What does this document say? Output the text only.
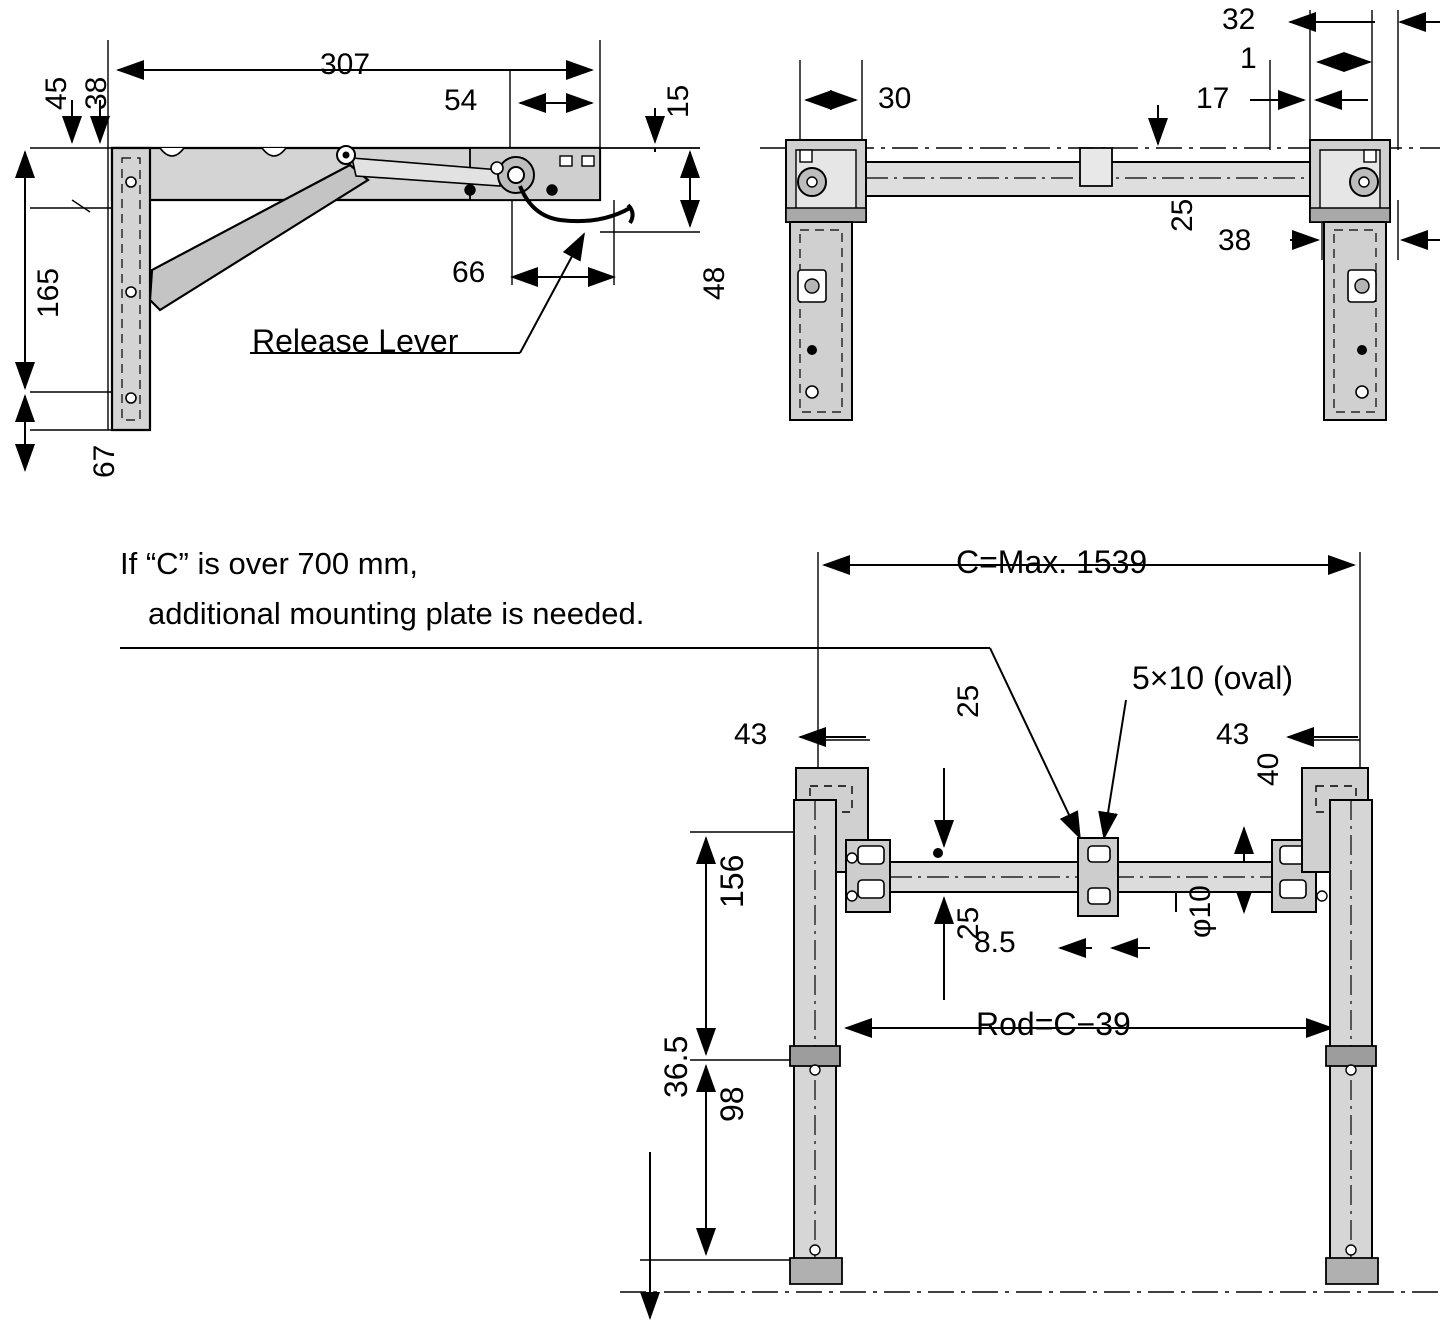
307
54	15
48
165
67
45 38
66
Release Lever
32
1
17
30
25
38
If “C” is over 700 mm,
additional mounting plate is needed.
C=Max. 1539
5×10 (oval)
43	43
25
25
8.5
φ10
40
Rod=C−39
156
98
36.5
